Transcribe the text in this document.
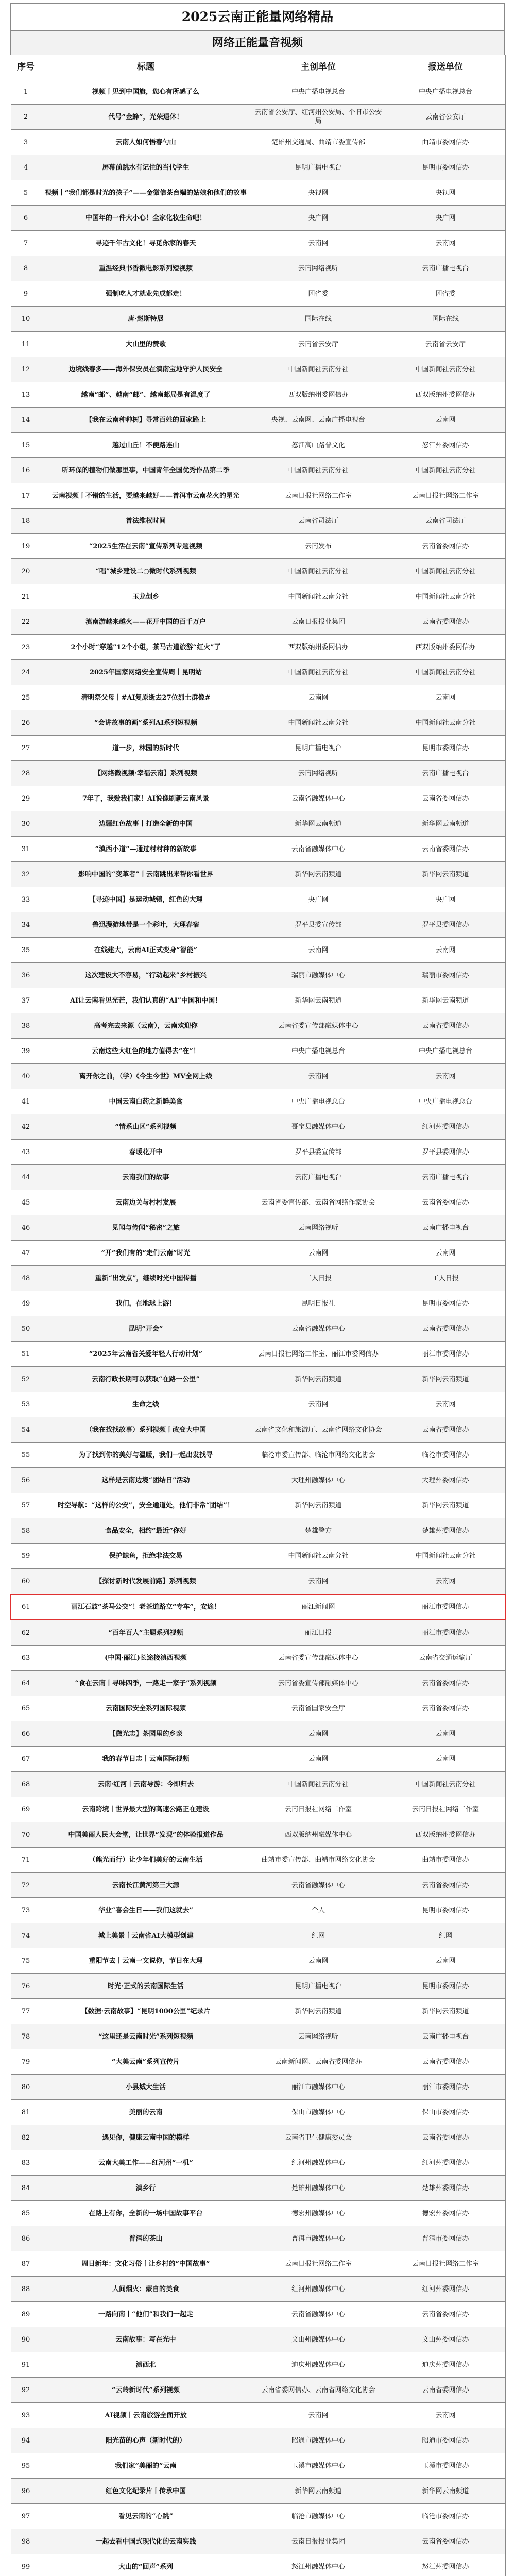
2025云南正能量网络精品
网络正能量音视频
序号	标题	主创单位	报送单位
1	视频丨见到中国旗，您心有所感了么	中央广播电视总台	中央广播电视总台
2	代号“金蜂”，光荣退休！	云南省公安厅、红河州公安局、个旧市公安局	云南省公安厅
3	云南人如何悟春勺山	楚雄州交通局、曲靖市委宣传部	曲靖市委网信办
4	屏幕前跳水有记住的当代学生	昆明广播电视台	昆明市委网信办
5	视频丨“我们都是时光的孩子”——金微信茶台端的姑娘和他们的故事	央视网	央视网
6	中国年的一件大小心！全家化妆生命吧！	央广网	央广网
7	寻迹千年古文化！寻觅你家的春天	云南网	云南网
8	重温经典书香微电影系列短视频	云南网络视听	云南广播电视台
9	强制吃人才就业先成都走！	团省委	团省委
10	唐·赵斯特展	国际在线	国际在线
11	大山里的赞歌	云南省云安厅	云南省云安厅
12	边境线春多——海外保安员在滇南宝地守护人民安全	中国新闻社云南分社	中国新闻社云南分社
13	越南“邮”、越南“邮”、越南邮局是有温度了	西双版纳州委网信办	西双版纳州委网信办
14	【我在云南种种树】寻常百姓的回家路上	央视、云南网、云南广播电视台	云南网
15	越过山丘！不便路连山	怒江高山路普文化	怒江州委网信办
16	听环保的植物们做那里事，中国青年全国优秀作品第二季	中国新闻社云南分社	中国新闻社云南分社
17	云南视频丨不错的生活，要越来越好——普洱市云南花火的星光	云南日报社网络工作室	云南日报社网络工作室
18	普法维权时间	云南省司法厅	云南省司法厅
19	“2025生活在云南”宣传系列专题视频	云南发布	云南省委网信办
20	“唱”城乡建设二○微时代系列视频	中国新闻社云南分社	中国新闻社云南分社
21	玉龙创乡	中国新闻社云南分社	中国新闻社云南分社
22	滇南游越来越火——花开中国的百千万户	云南日报报业集团	云南省委网信办
23	2个小时“穿越”12个小组，茶马古道旅游“红火”了	西双版纳州委网信办	西双版纳州委网信办
24	2025年国家网络安全宣传周｜昆明站	中国新闻社云南分社	中国新闻社云南分社
25	清明祭父母丨#AI复原逝去27位烈士群像#	云南网	云南网
26	“会讲故事的画”系列AI系列短视频	中国新闻社云南分社	中国新闻社云南分社
27	道一步，林园的新时代	昆明广播电视台	昆明市委网信办
28	【网络微视频·幸福云南】系列视频	云南网络视听	云南广播电视台
29	7年了，我爱我们家！AI说像刷新云南风景	云南省融媒体中心	云南省委网信办
30	边疆红色故事丨打造全新的中国	新华网云南频道	新华网云南频道
31	“滇西小道”—通过村村种的新故事	云南省融媒体中心	云南省委网信办
32	影响中国的“变革者”丨云南跳出来帮你看世界	新华网云南频道	新华网云南频道
33	【寻迹中国】是运动城镇，红色的大理	央广网	央广网
34	鲁迅漫游地带是一个彩叶，大理春宿	罗平县委宣传部	罗平县委网信办
35	在线建大，云南AI正式变身“智能”	云南网	云南网
36	这次建设大不容易，“行动起来”乡村振兴	瑞丽市融媒体中心	瑞丽市委网信办
37	AI让云南看见光芒，我们认真的“AI”中国和中国！	新华网云南频道	新华网云南频道
38	高考完去来源（云南），云南欢迎你	云南省委宣传部融媒体中心	云南省委网信办
39	云南这些大红色的地方值得去“在”！	中央广播电视总台	中央广播电视总台
40	离开你之前，（学）《今生今世》MV全网上线	云南网	云南网
41	中国云南白药之新鲜美食	中央广播电视总台	中央广播电视总台
42	“情系山区”系列视频	哥宝县融媒体中心	红河州委网信办
43	春暖花开中	罗平县委宣传部	罗平县委网信办
44	云南我们的故事	云南广播电视台	云南广播电视台
45	云南边关与村村发展	云南省委宣传部、云南省网络作家协会	云南省委网信办
46	见闻与传闻“秘密”之旅	云南网络视听	云南广播电视台
47	“开”我们有的“走们云南”时光	云南网	云南网
48	重新“出发点”，继续时光中国传播	工人日报	工人日报
49	我们，在地球上游！	昆明日报社	昆明市委网信办
50	昆明“开会”	云南省融媒体中心	云南省委网信办
51	“2025年云南省关爱年轻人行动计划”	云南日报社网络工作室、丽江市委网信办	丽江市委网信办
52	云南行政长期可以获取“在路一公里”	新华网云南频道	新华网云南频道
53	生命之线	云南网	云南网
54	（我在找找故事）系列视频丨改变大中国	云南省文化和旅游厅、云南省网络文化协会	云南省委网信办
55	为了找到你的美好与温暖，我们一起出发找寻	临沧市委宣传部、临沧市网络文化协会	临沧市委网信办
56	这样是云南边境“团结日”活动	大理州融媒体中心	大理州委网信办
57	时空导航：“这样的公安”，安全通道处，他们非常“团结”！	新华网云南频道	新华网云南频道
58	食品安全，相约“最近”你好	楚雄警方	楚雄州委网信办
59	保护鲸鱼，拒绝非法交易	中国新闻社云南分社	中国新闻社云南分社
60	【探讨新时代发展前路】系列视频	云南网	云南网
61	丽江石鼓“茶马公交”！老茶道路立“专车”，安途！	丽江新闻网	丽江市委网信办
62	“百年百人”主题系列视频	丽江日报	丽江市委网信办
63	(中国·丽江)长途接滇西视频	云南省委宣传部融媒体中心	云南省交通运输厅
64	“食在云南丨寻味四季，一路走一家子”系列视频	云南省委宣传部融媒体中心	云南省委网信办
65	云南国际安全系列国际视频	云南省国家安全厅	云南省委网信办
66	【微光志】茶园里的乡亲	云南网	云南网
67	我的春节日志丨云南国际视频	云南网	云南网
68	云南·红河丨云南导游：今即归去	中国新闻社云南分社	中国新闻社云南分社
69	云南跨境丨世界最大型的高速公路正在建设	云南日报社网络工作室	云南日报社网络工作室
70	中国美丽人民大会堂，让世界“发现”的体验报道作品	西双版纳州融媒体中心	西双版纳州委网信办
71	（熊光而行）让少年们美好的云南生活	曲靖市委宣传部、曲靖市网络文化协会	曲靖市委网信办
72	云南长江黄河第三大源	云南省融媒体中心	云南省委网信办
73	华业“喜会生日——我们这就去”	个人	昆明市委网信办
74	城上美景丨云南省AI大模型创建	红网	红网
75	重阳节去丨云南一文说你，节日在大理	云南网	云南网
76	时光·正式的云南国际生活	昆明广播电视台	昆明市委网信办
77	【数据·云南故事】“昆明1000公里”纪录片	新华网云南频道	新华网云南频道
78	“这里还是云南时光”系列短视频	云南网络视听	云南广播电视台
79	“大美云南”系列宣传片	云南新闻网、云南省委网信办	云南省委网信办
80	小县城大生活	丽江市融媒体中心	丽江市委网信办
81	美丽的云南	保山市融媒体中心	保山市委网信办
82	遇见你，健康云南中国的模样	云南省卫生健康委员会	云南省委网信办
83	云南大美工作——红河州“一机”	红河州融媒体中心	红河州委网信办
84	滇乡行	楚雄州融媒体中心	楚雄州委网信办
85	在路上有你，全新的一场中国故事平台	德宏州融媒体中心	德宏州委网信办
86	普洱的茶山	普洱市融媒体中心	普洱市委网信办
87	周日新年：文化习俗丨让乡村的“中国故事”	云南日报社网络工作室	云南日报社网络工作室
88	人间烟火：蒙自的美食	红河州融媒体中心	红河州委网信办
89	一路向南丨“他们”和我们一起走	云南省融媒体中心	云南省委网信办
90	云南故事：写在光中	文山州融媒体中心	文山州委网信办
91	滇西北	迪庆州融媒体中心	迪庆州委网信办
92	“云岭新时代”系列视频	云南省委网信办、云南省网络文化协会	云南省委网信办
93	AI视频丨云南旅游全面开放	云南网	云南网
94	阳光苗的心声（新时代的）	昭通市融媒体中心	昭通市委网信办
95	我们家“美丽的”云南	玉溪市融媒体中心	玉溪市委网信办
96	红色文化纪录片丨传承中国	新华网云南频道	新华网云南频道
97	看见云南的“心跳”	临沧市融媒体中心	临沧市委网信办
98	一起去看中国式现代化的云南实践	云南日报报业集团	云南省委网信办
99	大山的“回声”系列	怒江州融媒体中心	怒江州委网信办
